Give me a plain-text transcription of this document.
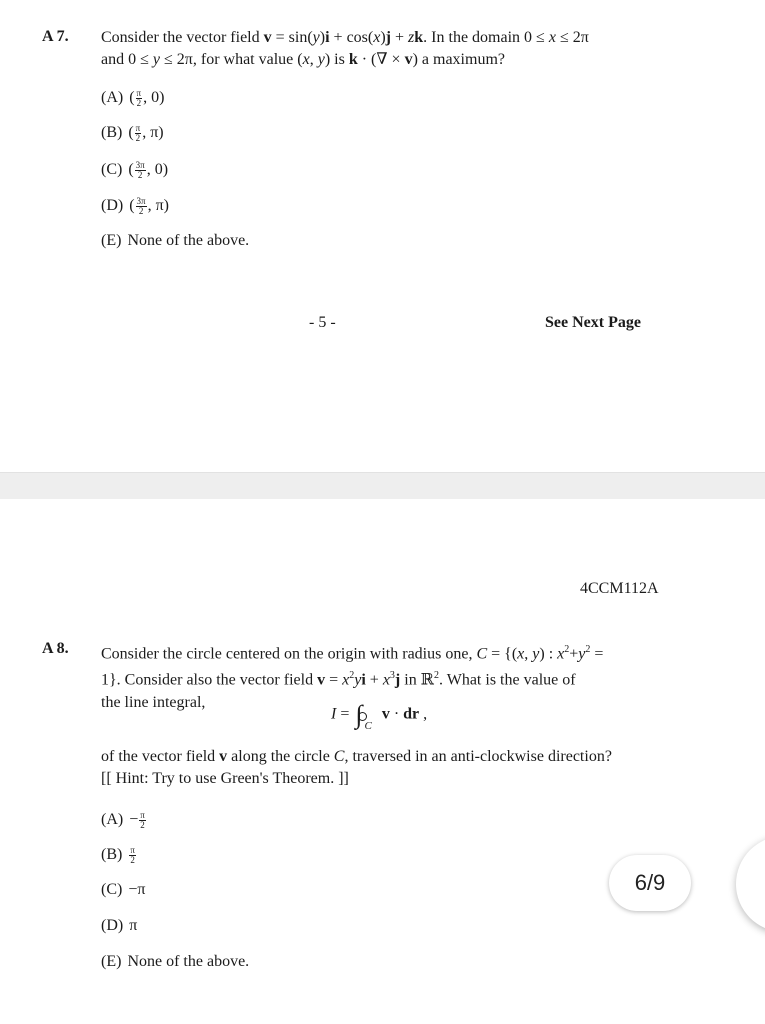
A 7. Consider the vector field v = sin(y)i + cos(x)j + zk. In the domain 0 ≤ x ≤ 2π
and 0 ≤ y ≤ 2π, for what value (x, y) is k · (∇ × v) a maximum?
(A) ( $\frac{\pi}{2}$ , 0)
(B) ( $\frac{\pi}{2}$ , π)
(C) ( $\frac{3\pi}{2}$ , 0)
(D) ( $\frac{3\pi}{2}$ , π)
(E) None of the above.
- 5 -	See Next Page
4CCM112A
A 8. Consider the circle centered on the origin with radius one, C = {(x, y) : $x^2+y^2$ =
1}. Consider also the vector field $v = x^2yi + x^3j$ in ℝ$^2$. What is the value of
the line integral,
I = ∫ $_C$ v · dr ,
of the vector field v along the circle C, traversed in an anti-clockwise direction?
[[ Hint: Try to use Green's Theorem. ]]
$(A) - \frac{\pi}{2}$
$(B) \frac{\pi}{2}$
(C) −π
(D) π
(E) None of the above.
6/9
